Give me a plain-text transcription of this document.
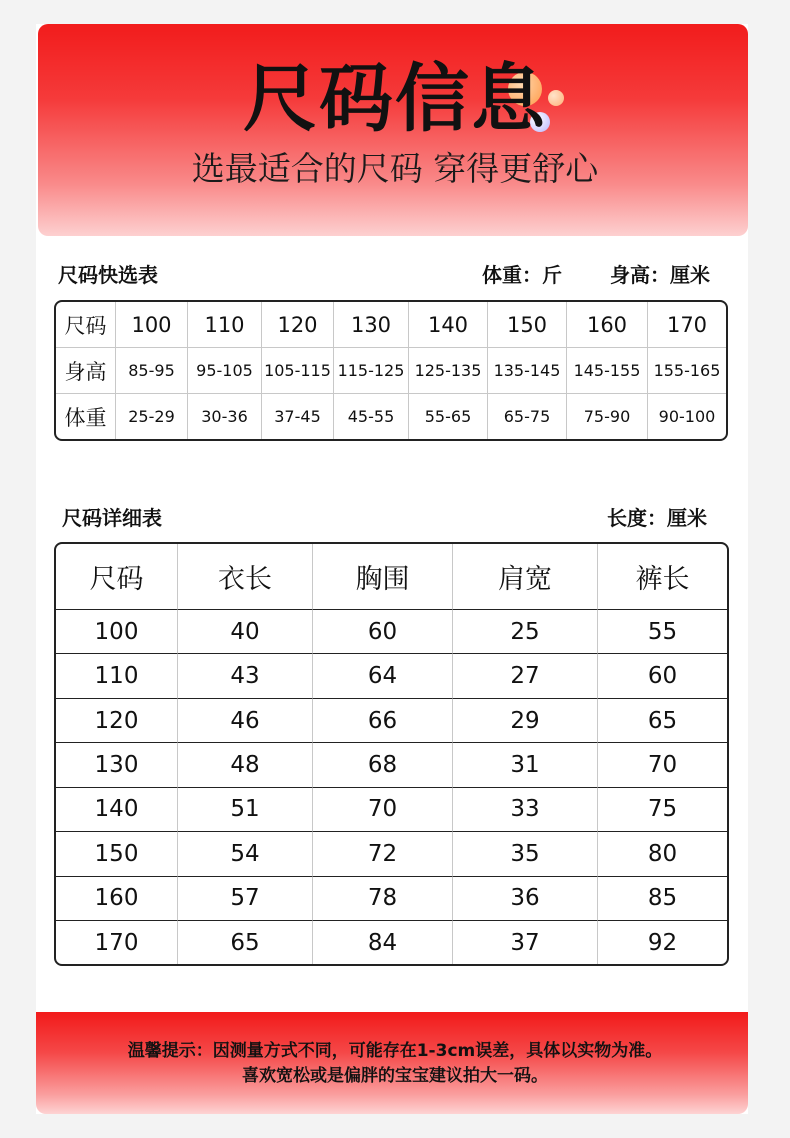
尺码信息
选最适合的尺码 穿得更舒心
尺码快选表	体重：斤 身高：厘米
尺码	100	110	120	130	140	150	160	170
身高	85-95	95-105	105-115	115-125	125-135	135-145	145-155	155-165
体重	25-29	30-36	37-45	45-55	55-65	65-75	75-90	90-100
尺码详细表	长度：厘米
尺码	衣长	胸围	肩宽	裤长
100	40	60	25	55
110	43	64	27	60
120	46	66	29	65
130	48	68	31	70
140	51	70	33	75
150	54	72	35	80
160	57	78	36	85
170	65	84	37	92
温馨提示：因测量方式不同，可能存在1-3cm误差，具体以实物为准。
喜欢宽松或是偏胖的宝宝建议拍大一码。
